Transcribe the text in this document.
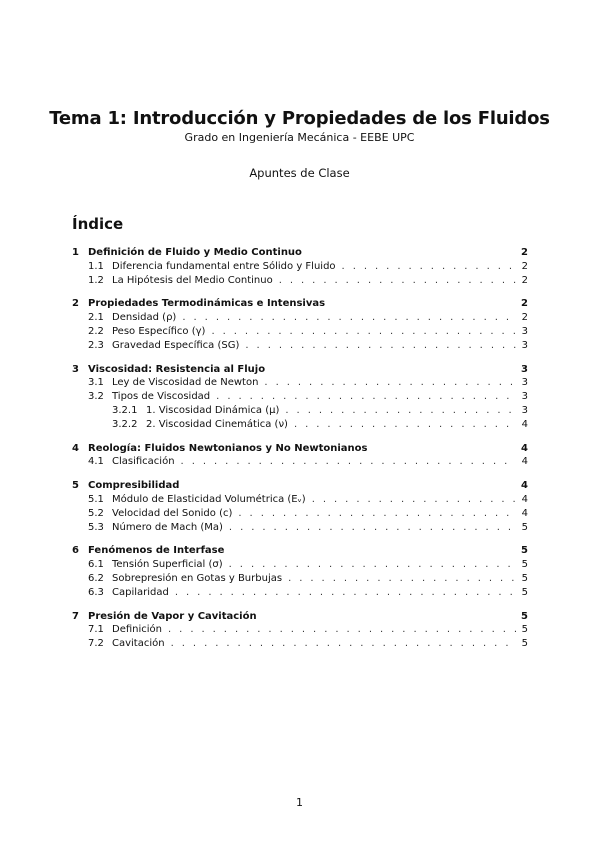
Tema 1: Introducción y Propiedades de los Fluidos
Grado en Ingeniería Mecánica - EEBE UPC
Apuntes de Clase
Índice
1 Definición de Fluido y Medio Continuo	2
1.1 Diferencia fundamental entre Sólido y Fluido . . .	2
1.2 La Hipótesis del Medio Continuo . . .	2
2 Propiedades Termodinámicas e Intensivas	2
2.1 Densidad (ρ) . . .	2
2.2 Peso Específico (γ) . . .	3
2.3 Gravedad Específica (SG) . . .	3
3 Viscosidad: Resistencia al Flujo	3
3.1 Ley de Viscosidad de Newton . . .	3
3.2 Tipos de Viscosidad . . .	3
3.2.1 1. Viscosidad Dinámica (μ) . . .	3
3.2.2 2. Viscosidad Cinemática (ν) . . .	4
4 Reología: Fluidos Newtonianos y No Newtonianos	4
4.1 Clasificación . . .	4
5 Compresibilidad	4
5.1 Módulo de Elasticidad Volumétrica (Eᵥ) . . .	4
5.2 Velocidad del Sonido (c) . . .	4
5.3 Número de Mach (Ma) . . .	5
6 Fenómenos de Interfase	5
6.1 Tensión Superficial (σ) . . .	5
6.2 Sobrepresión en Gotas y Burbujas . . .	5
6.3 Capilaridad . . .	5
7 Presión de Vapor y Cavitación	5
7.1 Definición . . .	5
7.2 Cavitación . . .	5
1
